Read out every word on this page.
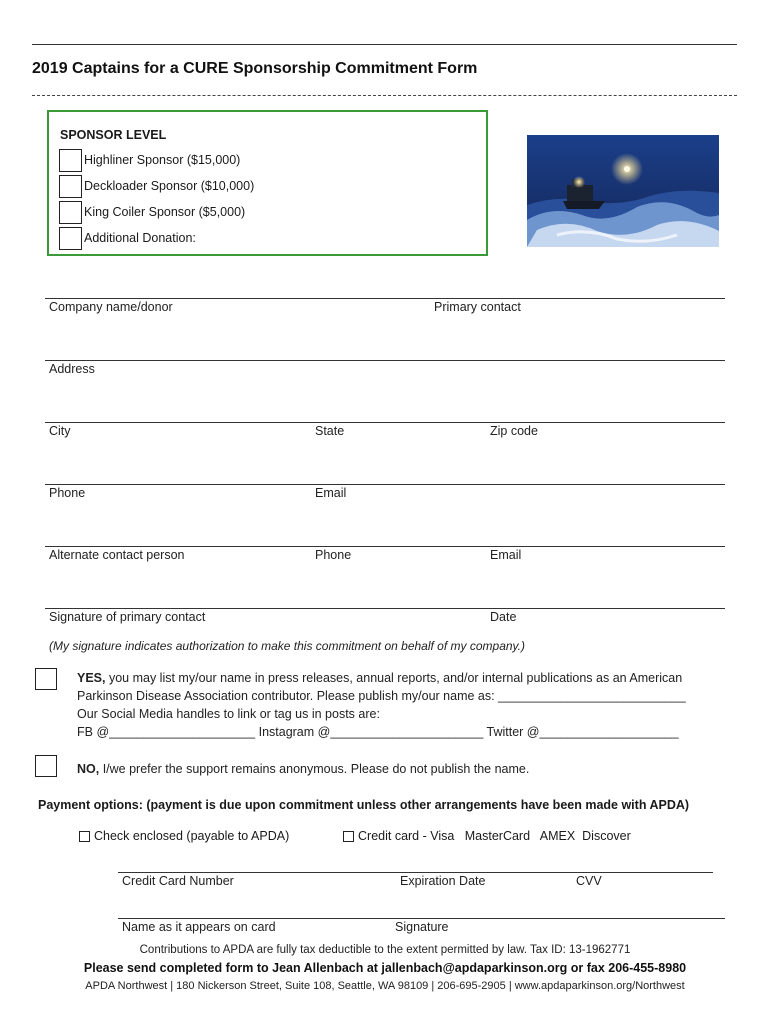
2019 Captains for a CURE Sponsorship Commitment Form
SPONSOR LEVEL
Highliner Sponsor ($15,000)
Deckloader Sponsor ($10,000)
King Coiler Sponsor ($5,000)
Additional Donation:
Company name/donor	Primary contact
Address
City	State	Zip code
Phone	Email
Alternate contact person	Phone	Email
Signature of primary contact	Date
(My signature indicates authorization to make this commitment on behalf of my company.)
YES, you may list my/our name in press releases, annual reports, and/or internal publications as an American
Parkinson Disease Association contributor. Please publish my/our name as: ___________________________
Our Social Media handles to link or tag us in posts are:
FB @_____________________ Instagram @______________________ Twitter @____________________
NO, I/we prefer the support remains anonymous. Please do not publish the name.
Payment options: (payment is due upon commitment unless other arrangements have been made with APDA)
Check enclosed (payable to APDA)	Credit card - Visa   MasterCard   AMEX  Discover
Credit Card Number	Expiration Date	CVV
Name as it appears on card	Signature
Contributions to APDA are fully tax deductible to the extent permitted by law. Tax ID: 13-1962771
Please send completed form to Jean Allenbach at jallenbach@apdaparkinson.org or fax 206-455-8980
APDA Northwest | 180 Nickerson Street, Suite 108, Seattle, WA 98109 | 206-695-2905 | www.apdaparkinson.org/Northwest
